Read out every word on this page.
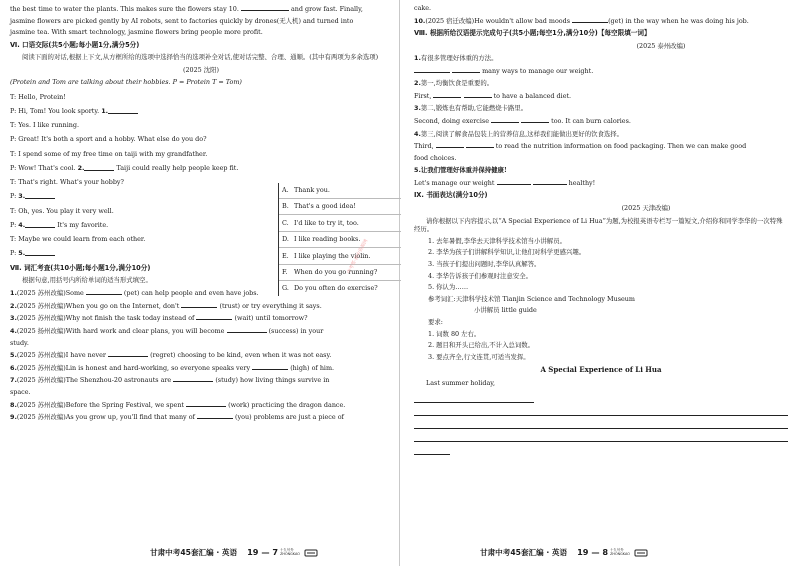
the best time to water the plants. This makes sure the flowers stay 10.	and grow fast. Finally,

jasmine flowers are picked gently by AI robots, sent to factories quickly by drones(无人机) and turned into

jasmine tea. With smart technology, jasmine flowers bring people more profit.

Ⅵ. 口语交际(共5小题;每小题1分,满分5分)

阅读下面的对话,根据上下文,从方框所给的选项中选择恰当的选项补全对话,使对话完整、合理、通顺。(其中有两项为多余选项)

(2025 沈阳)

(Protein and Tom are talking about their hobbies. P = Protein T = Tom)

T:
Hello, Protein!
P:
Hi, Tom! You look sporty.
1.
T:
Yes. I like running.
P:
Great! It's both a sport and a hobby. What else do you do?
T:
I spend some of my free time on taiji with my grandfather.
P:
Wow! That's cool.
2.
	Taiji could really help people keep fit.
T:
That's right. What's your hobby?
P:
3.
T:
Oh, yes. You play it very well.
P:
4.
	It's my favorite.
T:
Maybe we could learn from each other.
P:
5.
A.
Thank you.
B.
That's a good idea!
C.
I'd like to try it, too.
D.
I like reading books.
E.
I like playing the violin.
F.
	When do you go running?
G.
Do you often do exercise?

Ⅶ. 词汇考查(共10小题;每小题1分,满分10分)

根据句意,用括号内所给单词的适当形式填空。

1.(2025 苏州改编)Some	(pet) can help people and even have jobs.

2.(2025 苏州改编)When you go on the Internet, don't	(trust) or try everything it says.

3.(2025 苏州改编)Why not finish the task today instead of	(wait) until tomorrow?

4.(2025 扬州改编)With hard work and clear plans, you will become	(success) in your

study.

5.(2025 苏州改编)I have never	(regret) choosing to be kind, even when it was not easy.

6.(2025 苏州改编)Lin is honest and hard-working, so everyone speaks very	(high) of him.

7.(2025 苏州改编)The Shenzhou-20 astronauts are	(study) how living things survive in

space.

8.(2025 苏州改编)Before the Spring Festival, we spent	(work) practicing the dragon dance.

9.(2025 苏州改编)As you grow up, you'll find that many of	(you) problems are just a piece of

甘肃中考45套汇编 · 英语 19 — 7 十九号外 ZHONGKAO
中考帮·初中资源网

cake.

10.(2025 宿迁改编)He wouldn't allow bad moods	(get) in the way when he was doing his job.

Ⅷ. 根据所给汉语提示完成句子(共5小题;每空1分,满分10分)【每空限填一词】

(2025 泰州改编)

1.有很多管理好体重的方法。

many ways to manage our weight.

2.第一,均衡饮食是重要的。

First,	to have a balanced diet.

3.第二,锻炼也有帮助,它能燃烧卡路里。

Second, doing exercise	too. It can burn calories.

4.第三,阅读了解食品包装上的营养信息,这样我们能做出更好的饮食选择。

Third,	to read the nutrition information on food packaging. Then we can make good

food choices.

5.让我们管理好体重并保持健康!

Let's manage our weight	healthy!

Ⅸ. 书面表达(满分10分)

(2025 天津改编)

请你根据以下内容提示,以“A Special Experience of Li Hua”为题,为校报英语专栏写一篇短文,介绍你和同学李华的一次特殊经历。

1. 去年暑假,李华去天津科学技术馆当小讲解员。

2. 李华为孩子们讲解科学知识,让他们对科学更感兴趣。

3. 当孩子们提出问题时,李华认真解答。

4. 李华告诉孩子们参观时注意安全。

5. 你认为……

参考词汇:天津科学技术馆 Tianjin Science and Technology Museum

小讲解员 little guide

要求:

1. 词数 80 左右。

2. 题目和开头已给出,不计入总词数。

3. 要点齐全,行文连贯,可适当发挥。

A Special Experience of Li Hua

Last summer holiday,

甘肃中考45套汇编 · 英语 19 — 8 十九号外 ZHONGKAO
